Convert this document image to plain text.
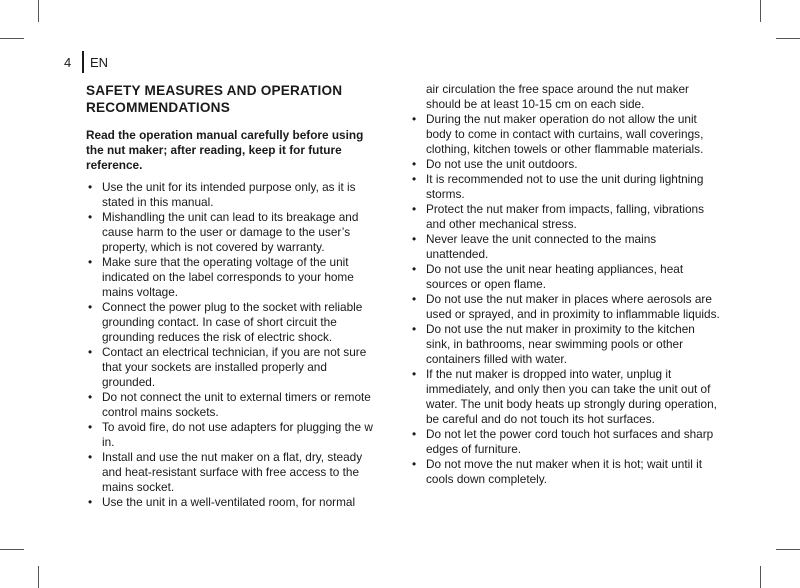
4	EN
SAFETY MEASURES AND OPERATION RECOMMENDATIONS

Read the operation manual carefully before using the nut maker; after reading, keep it for future reference.

• Use the unit for its intended purpose only, as it is stated in this manual.
• Mishandling the unit can lead to its breakage and cause harm to the user or damage to the user’s property, which is not covered by warranty.
• Make sure that the operating voltage of the unit indicated on the label corresponds to your home mains voltage.
• Connect the power plug to the socket with reliable grounding contact. In case of short circuit the grounding reduces the risk of electric shock.
• Contact an electrical technician, if you are not sure that your sockets are installed properly and grounded.
• Do not connect the unit to external timers or remote control mains sockets.
• To avoid fire, do not use adapters for plugging the w in.
• Install and use the nut maker on a flat, dry, steady and heat-resistant surface with free access to the mains socket.
• Use the unit in a well-ventilated room, for normal
air circulation the free space around the nut maker should be at least 10-15 cm on each side.
• During the nut maker operation do not allow the unit body to come in contact with curtains, wall coverings, clothing, kitchen towels or other flammable materials.
• Do not use the unit outdoors.
• It is recommended not to use the unit during lightning storms.
• Protect the nut maker from impacts, falling, vibrations and other mechanical stress.
• Never leave the unit connected to the mains unattended.
• Do not use the unit near heating appliances, heat sources or open flame.
• Do not use the nut maker in places where aerosols are used or sprayed, and in proximity to inflammable liquids.
• Do not use the nut maker in proximity to the kitchen sink, in bathrooms, near swimming pools or other containers filled with water.
• If the nut maker is dropped into water, unplug it immediately, and only then you can take the unit out of water. The unit body heats up strongly during operation, be careful and do not touch its hot surfaces.
• Do not let the power cord touch hot surfaces and sharp edges of furniture.
• Do not move the nut maker when it is hot; wait until it cools down completely.
